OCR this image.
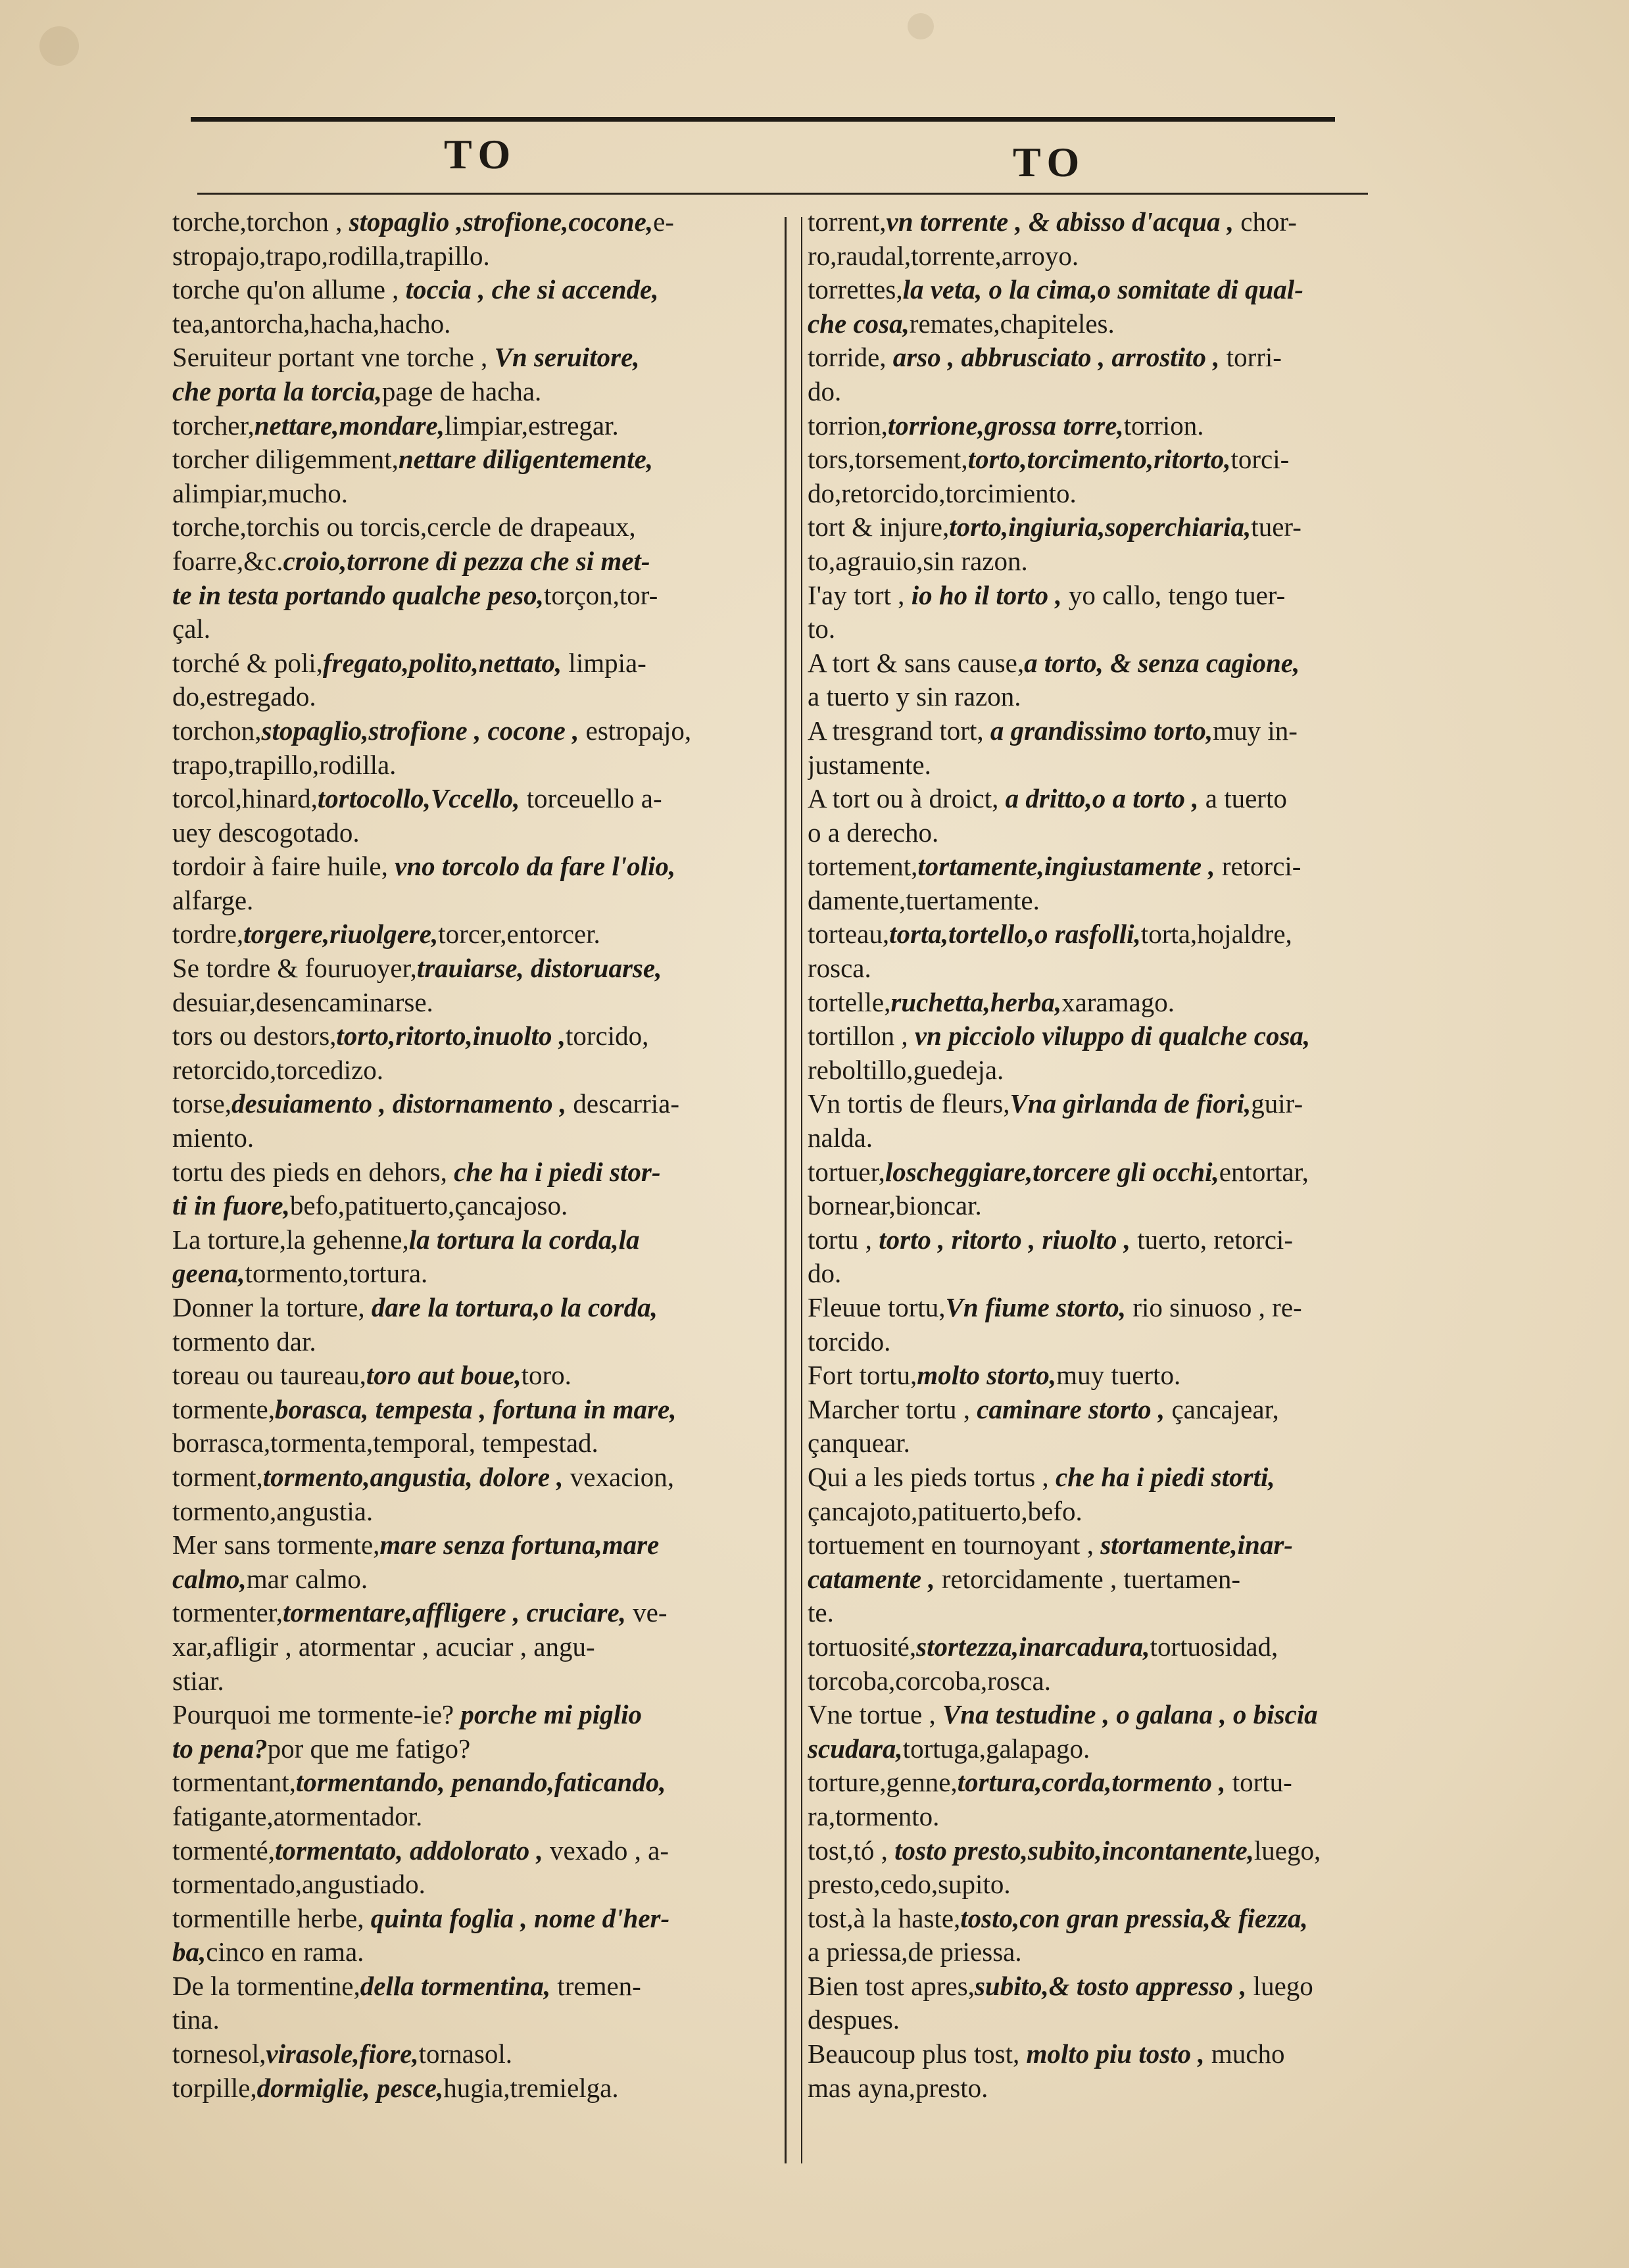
TO	TO
torche,torchon , stopaglio ,strofione,cocone,e-
stropajo,trapo,rodilla,trapillo.
torche qu'on allume , toccia , che si accende,
tea,antorcha,hacha,hacho.
Seruiteur portant vne torche , Vn seruitore,
che porta la torcia,page de hacha.
torcher,nettare,mondare,limpiar,estregar.
torcher diligemment,nettare diligentemente,
alimpiar,mucho.
torche,torchis ou torcis,cercle de drapeaux,
foarre,&c.croio,torrone di pezza che si met-
te in testa portando qualche peso,torçon,tor-
çal.
torché & poli,fregato,polito,nettato, limpia-
do,estregado.
torchon,stopaglio,strofione , cocone , estropajo,
trapo,trapillo,rodilla.
torcol,hinard,tortocollo,Vccello, torceuello a-
uey descogotado.
tordoir à faire huile, vno torcolo da fare l'olio,
alfarge.
tordre,torgere,riuolgere,torcer,entorcer.
Se tordre & fouruoyer,trauiarse, distoruarse,
desuiar,desencaminarse.
tors ou destors,torto,ritorto,inuolto ,torcido,
retorcido,torcedizo.
torse,desuiamento , distornamento , descarria-
miento.
tortu des pieds en dehors, che ha i piedi stor-
ti in fuore,befo,patituerto,çancajoso.
La torture,la gehenne,la tortura la corda,la
geena,tormento,tortura.
Donner la torture, dare la tortura,o la corda,
tormento dar.
toreau ou taureau,toro aut boue,toro.
tormente,borasca, tempesta , fortuna in mare,
borrasca,tormenta,temporal, tempestad.
torment,tormento,angustia, dolore , vexacion,
tormento,angustia.
Mer sans tormente,mare senza fortuna,mare
calmo,mar calmo.
tormenter,tormentare,affligere , cruciare, ve-
xar,afligir , atormentar , acuciar , angu-
stiar.
Pourquoi me tormente-ie? porche mi piglio
to pena?por que me fatigo?
tormentant,tormentando, penando,faticando,
fatigante,atormentador.
tormenté,tormentato, addolorato , vexado , a-
tormentado,angustiado.
tormentille herbe, quinta foglia , nome d'her-
ba,cinco en rama.
De la tormentine,della tormentina, tremen-
tina.
tornesol,virasole,fiore,tornasol.
torpille,dormiglie, pesce,hugia,tremielga.
torrent,vn torrente , & abisso d'acqua , chor-
ro,raudal,torrente,arroyo.
torrettes,la veta, o la cima,o somitate di qual-
che cosa,remates,chapiteles.
torride, arso , abbrusciato , arrostito , torri-
do.
torrion,torrione,grossa torre,torrion.
tors,torsement,torto,torcimento,ritorto,torci-
do,retorcido,torcimiento.
tort & injure,torto,ingiuria,soperchiaria,tuer-
to,agrauio,sin razon.
I'ay tort , io ho il torto , yo callo, tengo tuer-
to.
A tort & sans cause,a torto, & senza cagione,
a tuerto y sin razon.
A tresgrand tort, a grandissimo torto,muy in-
justamente.
A tort ou à droict, a dritto,o a torto , a tuerto
o a derecho.
tortement,tortamente,ingiustamente , retorci-
damente,tuertamente.
torteau,torta,tortello,o rasfolli,torta,hojaldre,
rosca.
tortelle,ruchetta,herba,xaramago.
tortillon , vn picciolo viluppo di qualche cosa,
reboltillo,guedeja.
Vn tortis de fleurs,Vna girlanda de fiori,guir-
nalda.
tortuer,loscheggiare,torcere gli occhi,entortar,
bornear,bioncar.
tortu , torto , ritorto , riuolto , tuerto, retorci-
do.
Fleuue tortu,Vn fiume storto, rio sinuoso , re-
torcido.
Fort tortu,molto storto,muy tuerto.
Marcher tortu , caminare storto , çancajear,
çanquear.
Qui a les pieds tortus , che ha i piedi storti,
çancajoto,patituerto,befo.
tortuement en tournoyant , stortamente,inar-
catamente , retorcidamente , tuertamen-
te.
tortuosité,stortezza,inarcadura,tortuosidad,
torcoba,corcoba,rosca.
Vne tortue , Vna testudine , o galana , o biscia
scudara,tortuga,galapago.
torture,genne,tortura,corda,tormento , tortu-
ra,tormento.
tost,tó , tosto presto,subito,incontanente,luego,
presto,cedo,supito.
tost,à la haste,tosto,con gran pressia,& fiezza,
a priessa,de priessa.
Bien tost apres,subito,& tosto appresso , luego
despues.
Beaucoup plus tost, molto piu tosto , mucho
mas ayna,presto.
